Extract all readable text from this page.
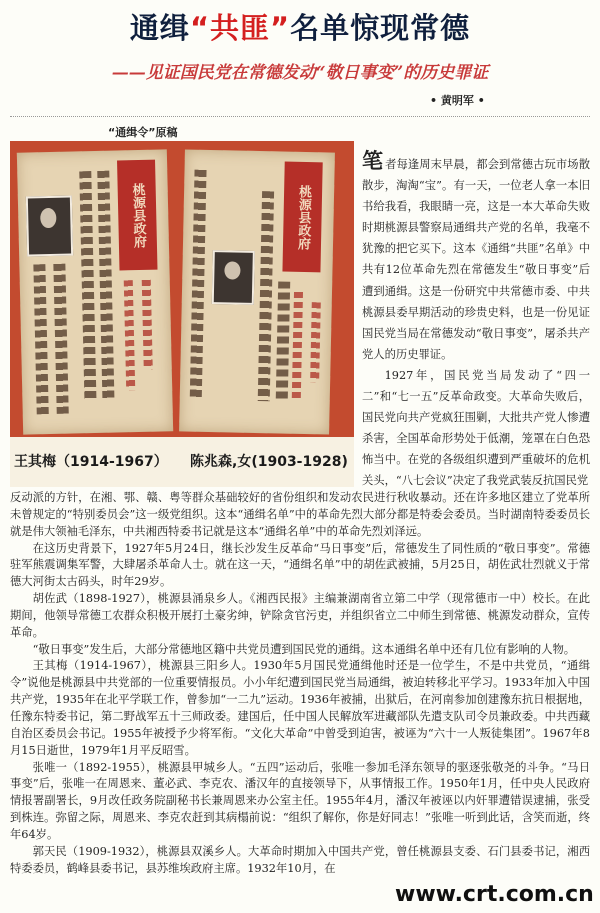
通缉“共匪”名单惊现常德
——见证国民党在常德发动“敬日事变”的历史罪证
• 黄明军 •
“通缉令”原稿
桃源县政府	桃源县政府
王其梅（1914-1967） 陈兆森,女(1903-1928)

笔者每逢周末早晨，都会到常德古玩市场散散步，淘淘“宝”。有一天，一位老人拿一本旧书给我看，我眼睛一亮，这是一本大革命失败时期桃源县警察局通缉共产党的名单，我毫不犹豫的把它买下。这本《通缉“共匪”名单》中共有12位革命先烈在常德发生“敬日事变”后遭到通缉。这是一份研究中共常德市委、中共桃源县委早期活动的珍贵史料，也是一份见证国民党当局在常德发动“敬日事变”，屠杀共产党人的历史罪证。

1927年，国民党当局发动了“四一二”和“七一五”反革命政变。大革命失败后，国民党向共产党疯狂围剿，大批共产党人惨遭杀害，全国革命形势处于低潮，笼罩在白色恐怖当中。在党的各级组织遭到严重破坏的危机关头，“八七会议”决定了我党武装反抗国民党

反动派的方针，在湘、鄂、赣、粤等群众基础较好的省份组织和发动农民进行秋收暴动。还在许多地区建立了党革所未曾规定的“特别委员会”这一级党组织。这本“通缉名单”中的革命先烈大部分都是特委会委员。当时湖南特委委员长就是伟大领袖毛泽东，中共湘西特委书记就是这本“通缉名单”中的革命先烈刘泽远。

在这历史背景下，1927年5月24日，继长沙发生反革命“马日事变”后，常德发生了同性质的“敬日事变”。常德驻军熊震调集军警，大肆屠杀革命人士。就在这一天，“通缉名单”中的胡佐武被捕，5月25日，胡佐武壮烈就义于常德大河街太古码头，时年29岁。

胡佐武（1898-1927），桃源县涌泉乡人。《湘西民报》主编兼湖南省立第二中学（现常德市一中）校长。在此期间，他领导常德工农群众积极开展打土豪劣绅，铲除贪官污吏，并组织省立二中师生到常德、桃源发动群众，宣传革命。

“敬日事变”发生后，大部分常德地区籍中共党员遭到国民党的通缉。这本通缉名单中还有几位有影响的人物。

王其梅（1914-1967），桃源县三阳乡人。1930年5月国民党通缉他时还是一位学生，不是中共党员，“通缉令”说他是桃源县中共党部的一位重要情报员。小小年纪遭到国民党当局通缉，被迫转移北平学习。1933年加入中国共产党，1935年在北平学联工作，曾参加“一二九”运动。1936年被捕，出狱后，在河南参加创建豫东抗日根据地，任豫东特委书记，第二野战军五十三师政委。建国后，任中国人民解放军进藏部队先遣支队司令员兼政委。中共西藏自治区委员会书记。1955年被授予少将军衔。“文化大革命”中曾受到迫害，被诬为“六十一人叛徒集团”。1967年8月15日逝世，1979年1月平反昭雪。

张唯一（1892-1955），桃源县甲城乡人。“五四”运动后，张唯一参加毛泽东领导的驱逐张敬尧的斗争。“马日事变”后，张唯一在周恩来、董必武、李克农、潘汉年的直接领导下，从事情报工作。1950年1月，任中央人民政府情报署副署长，9月改任政务院副秘书长兼周恩来办公室主任。1955年4月，潘汉年被诬以内奸罪遭错误逮捕，张受到株连。弥留之际，周恩来、李克农赶到其病榻前说：“组织了解你，你是好同志！”张唯一听到此话，含笑而逝，终年64岁。

郭天民（1909-1932），桃源县双溪乡人。大革命时期加入中国共产党，曾任桃源县支委、石门县委书记，湘西特委委员，鹤峰县委书记，县苏维埃政府主席。1932年10月，在

www.crt.com.cn
